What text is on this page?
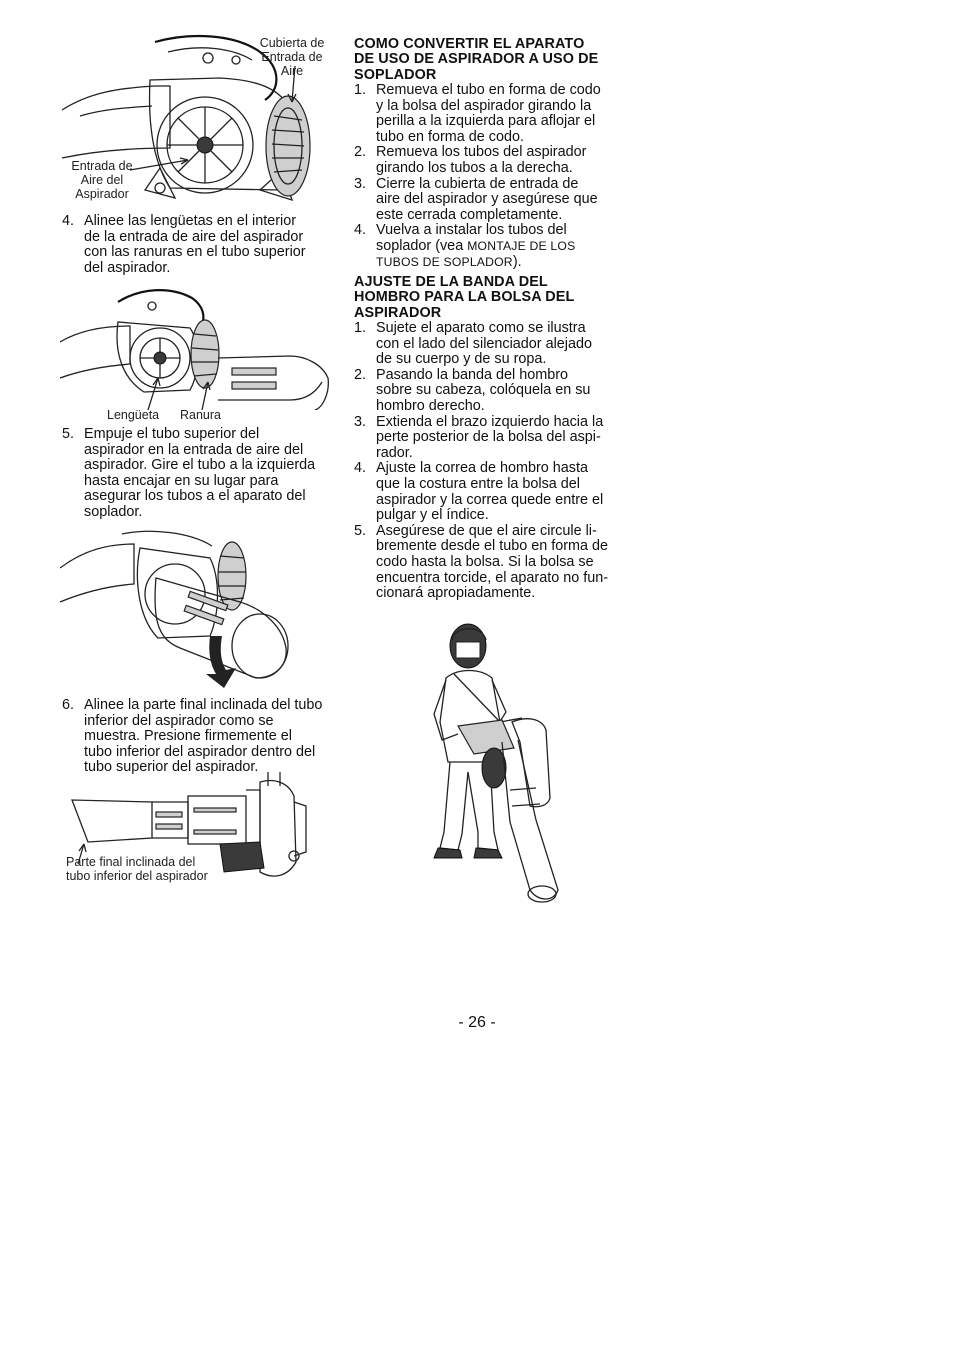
Cubierta de
Entrada de
Aire
Entrada de
Aire del
Aspirador
4. Alinee las lengüetas en el interior
de la entrada de aire del aspirador
con las ranuras en el tubo superior
del aspirador.
Lengüeta Ranura
5. Empuje el tubo superior del
aspirador en la entrada de aire del
aspirador. Gire el tubo a la izquierda
hasta encajar en su lugar para
asegurar los tubos a el aparato del
soplador.
6. Alinee la parte final inclinada del tubo
inferior del aspirador como se
muestra. Presione firmemente el
tubo inferior del aspirador dentro del
tubo superior del aspirador.
Parte final inclinada del
tubo inferior del aspirador
COMO CONVERTIR EL APARATO
DE USO DE ASPIRADOR A USO DE
SOPLADOR
1. Remueva el tubo en forma de codo
y la bolsa del aspirador girando la
perilla a la izquierda para aflojar el
tubo en forma de codo.
2. Remueva los tubos del aspirador
girando los tubos a la derecha.
3. Cierre la cubierta de entrada de
aire del aspirador y asegúrese que
este cerrada completamente.
4. Vuelva a instalar los tubos del
soplador (vea MONTAJE DE LOS
TUBOS DE SOPLADOR).
AJUSTE DE LA BANDA DEL
HOMBRO PARA LA BOLSA DEL
ASPIRADOR
1. Sujete el aparato como se ilustra
con el lado del silenciador alejado
de su cuerpo y de su ropa.
2. Pasando la banda del hombro
sobre su cabeza, colóquela en su
hombro derecho.
3. Extienda el brazo izquierdo hacia la
perte posterior de la bolsa del aspi-
rador.
4. Ajuste la correa de hombro hasta
que la costura entre la bolsa del
aspirador y la correa quede entre el
pulgar y el índice.
5. Asegúrese de que el aire circule li-
bremente desde el tubo en forma de
codo hasta la bolsa. Si la bolsa se
encuentra torcide, el aparato no fun-
cionará apropiadamente.
- 26 -
